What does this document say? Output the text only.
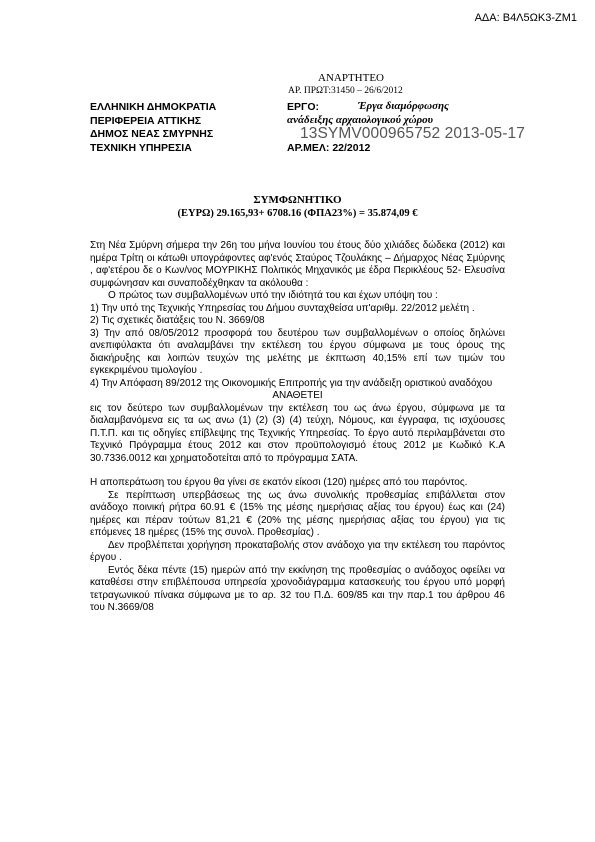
ΑΔΑ: Β4Λ5ΩΚ3-ΖΜ1
ΑΝΑΡΤΗΤΕΟ
ΑΡ. ΠΡΩΤ:31450 – 26/6/2012
ΕΛΛΗΝΙΚΗ ΔΗΜΟΚΡΑΤΙΑ
ΠΕΡΙΦΕΡΕΙΑ ΑΤΤΙΚΗΣ
ΔΗΜΟΣ ΝΕΑΣ ΣΜΥΡΝΗΣ
ΤΕΧΝΙΚΗ ΥΠΗΡΕΣΙΑ
ΕΡΓΟ:	Έργα διαμόρφωσης
ανάδειξης αρχαιολογικού χώρου
ΑΡ.ΜΕΛ: 22/2012
13SYMV000965752 2013-05-17
ΣΥΜΦΩΝΗΤΙΚΟ
(ΕΥΡΩ) 29.165,93+ 6708.16 (ΦΠΑ23%) = 35.874,09 €

Στη Νέα Σμύρνη σήμερα την 26η του μήνα Ιουνίου του έτους δύο χιλιάδες δώδεκα (2012) και ημέρα Τρίτη οι κάτωθι υπογράφοντες αφ'ενός Σταύρος Τζουλάκης – Δήμαρχος Νέας Σμύρνης , αφ'ετέρου δε ο Κων/νος ΜΟΥΡΙΚΗΣ Πολιτικός Μηχανικός με έδρα Περικλέους 52- Ελευσίνα συμφώνησαν και συναποδέχθηκαν τα ακόλουθα :

Ο πρώτος των συμβαλλομένων υπό την ιδιότητά του και έχων υπόψη του :

1) Την υπό της Τεχνικής Υπηρεσίας του Δήμου συνταχθείσα υπ'αριθμ. 22/2012 μελέτη .

2) Τις σχετικές διατάξεις του Ν. 3669/08

3) Την από 08/05/2012 προσφορά του δευτέρου των συμβαλλομένων ο οποίος δηλώνει ανεπιφύλακτα ότι αναλαμβάνει την εκτέλεση του έργου σύμφωνα με τους όρους της διακήρυξης και λοιπών τευχών της μελέτης με έκπτωση 40,15% επί των τιμών του εγκεκριμένου τιμολογίου .

4) Την Απόφαση 89/2012 της Οικονομικής Επιτροπής για την ανάδειξη οριστικού αναδόχου

ΑΝΑΘΕΤΕΙ

εις τον δεύτερο των συμβαλλομένων την εκτέλεση του ως άνω έργου, σύμφωνα με τα διαλαμβανόμενα εις τα ως ανω (1) (2) (3) (4) τεύχη, Νόμους, και έγγραφα, τις ισχύουσες Π.Τ.Π. και τις οδηγίες επίβλεψης της Τεχνικής Υπηρεσίας. Το έργο αυτό περιλαμβάνεται στο Τεχνικό Πρόγραμμα έτους 2012 και στον προϋπολογισμό έτους 2012 με Κωδικό Κ.Α 30.7336.0012 και χρηματοδοτείται από το πρόγραμμα ΣΑΤΑ.

Η αποπεράτωση του έργου θα γίνει σε εκατόν είκοσι (120) ημέρες από του παρόντος.

Σε περίπτωση υπερβάσεως της ως άνω συνολικής προθεσμίας επιβάλλεται στον ανάδοχο ποινική ρήτρα 60.91 € (15% της μέσης ημερήσιας αξίας του έργου) έως και (24) ημέρες και πέραν τούτων 81,21 € (20% της μέσης ημερήσιας αξίας του έργου) για τις επόμενες 18 ημέρες (15% της συνολ. Προθεσμίας) .

Δεν προβλέπεται χορήγηση προκαταβολής στον ανάδοχο για την εκτέλεση του παρόντος έργου .

Εντός δέκα πέντε (15) ημερών από την εκκίνηση της προθεσμίας ο ανάδοχος οφείλει να καταθέσει στην επιβλέπουσα υπηρεσία χρονοδιάγραμμα κατασκευής του έργου υπό μορφή τετραγωνικού πίνακα σύμφωνα με το αρ. 32 του Π.Δ. 609/85 και την παρ.1 του άρθρου 46 του Ν.3669/08
